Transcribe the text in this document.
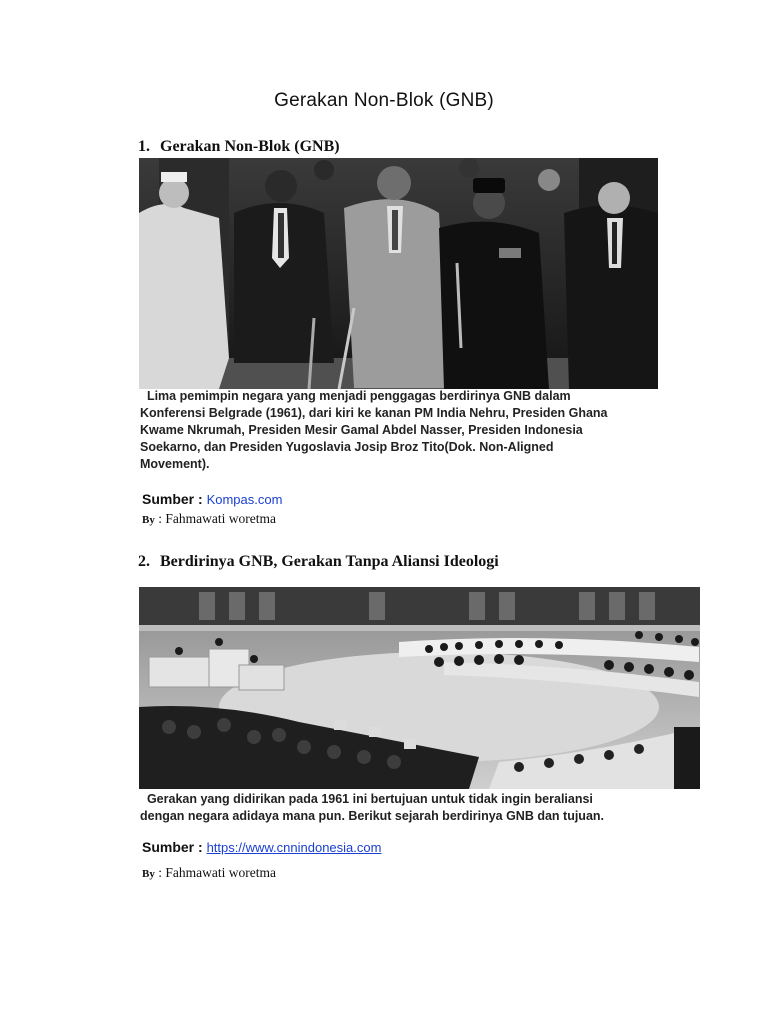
Gerakan Non-Blok (GNB)
1. Gerakan Non-Blok (GNB)
Lima pemimpin negara yang menjadi penggagas berdirinya GNB dalam
Konferensi Belgrade (1961), dari kiri ke kanan PM India Nehru, Presiden Ghana
Kwame Nkrumah, Presiden Mesir Gamal Abdel Nasser, Presiden Indonesia
Soekarno, dan Presiden Yugoslavia Josip Broz Tito(Dok. Non-Aligned
Movement).
Sumber : Kompas.com
By : Fahmawati woretma
2. Berdirinya GNB, Gerakan Tanpa Aliansi Ideologi
Gerakan yang didirikan pada 1961 ini bertujuan untuk tidak ingin beraliansi
dengan negara adidaya mana pun. Berikut sejarah berdirinya GNB dan tujuan.
Sumber : https://www.cnnindonesia.com
By : Fahmawati woretma
